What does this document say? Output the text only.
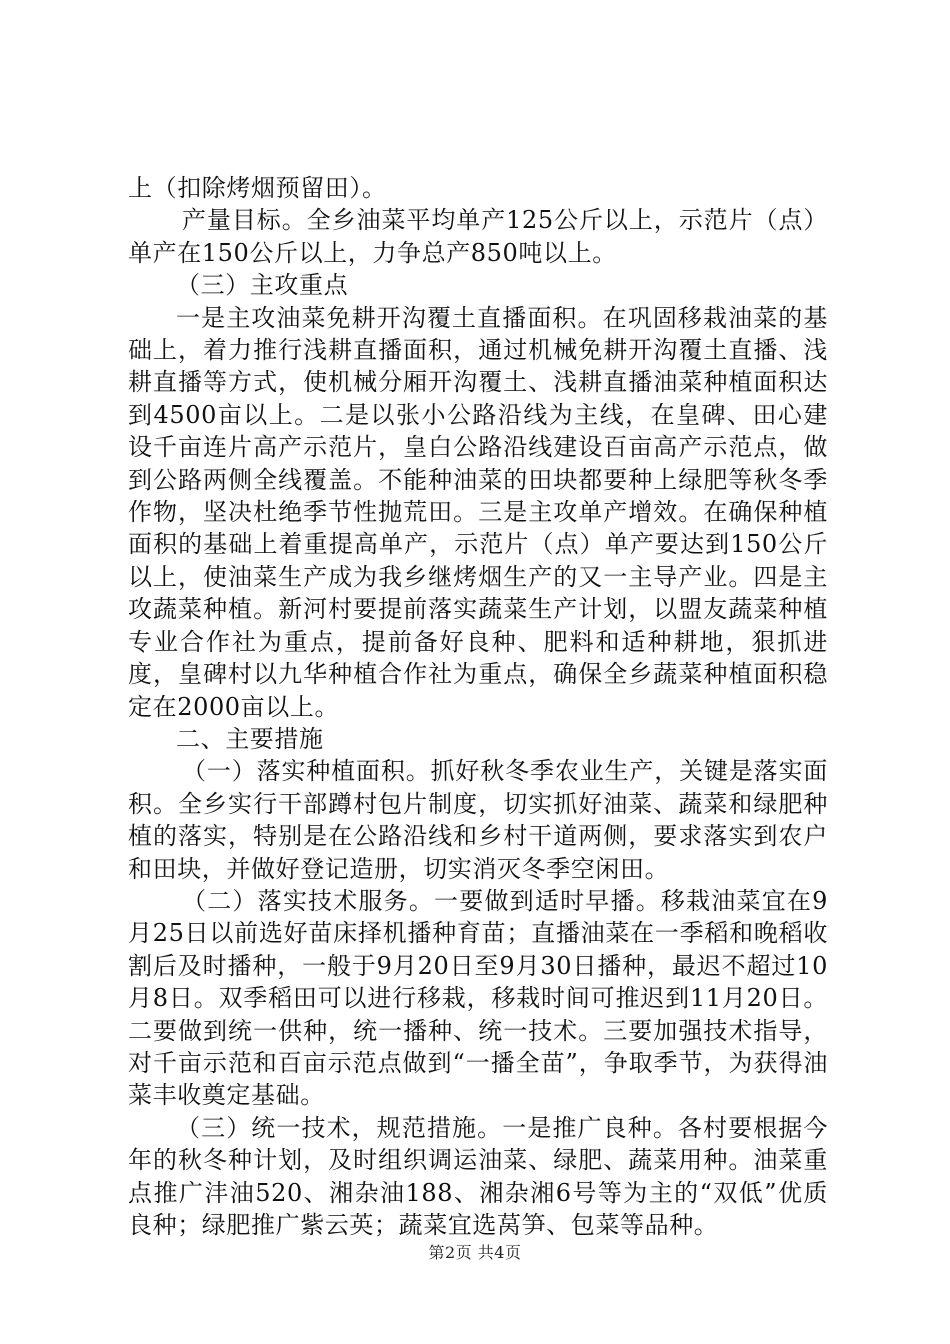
上（扣除烤烟预留田）。

产量目标。全乡油菜平均单产125公斤以上，示范片（点）单产在150公斤以上，力争总产850吨以上。

（三）主攻重点

一是主攻油菜免耕开沟覆土直播面积。在巩固移栽油菜的基础上，着力推行浅耕直播面积，通过机械免耕开沟覆土直播、浅耕直播等方式，使机械分厢开沟覆土、浅耕直播油菜种植面积达到4500亩以上。二是以张小公路沿线为主线，在皇碑、田心建设千亩连片高产示范片，皇白公路沿线建设百亩高产示范点，做到公路两侧全线覆盖。不能种油菜的田块都要种上绿肥等秋冬季作物，坚决杜绝季节性抛荒田。三是主攻单产增效。在确保种植面积的基础上着重提高单产，示范片（点）单产要达到150公斤以上，使油菜生产成为我乡继烤烟生产的又一主导产业。四是主攻蔬菜种植。新河村要提前落实蔬菜生产计划，以盟友蔬菜种植专业合作社为重点，提前备好良种、肥料和适种耕地，狠抓进度，皇碑村以九华种植合作社为重点，确保全乡蔬菜种植面积稳定在2000亩以上。

二、主要措施

（一）落实种植面积。抓好秋冬季农业生产，关键是落实面积。全乡实行干部蹲村包片制度，切实抓好油菜、蔬菜和绿肥种植的落实，特别是在公路沿线和乡村干道两侧，要求落实到农户和田块，并做好登记造册，切实消灭冬季空闲田。

（二）落实技术服务。一要做到适时早播。移栽油菜宜在9月25日以前选好苗床择机播种育苗；直播油菜在一季稻和晚稻收割后及时播种，一般于9月20日至9月30日播种，最迟不超过10月8日。双季稻田可以进行移栽，移栽时间可推迟到11月20日。二要做到统一供种，统一播种、统一技术。三要加强技术指导，对千亩示范和百亩示范点做到“一播全苗”，争取季节，为获得油菜丰收奠定基础。

（三）统一技术，规范措施。一是推广良种。各村要根据今年的秋冬种计划，及时组织调运油菜、绿肥、蔬菜用种。油菜重点推广沣油520、湘杂油188、湘杂湘6号等为主的“双低”优质良种；绿肥推广紫云英；蔬菜宜选莴笋、包菜等品种。

第2页 共4页
